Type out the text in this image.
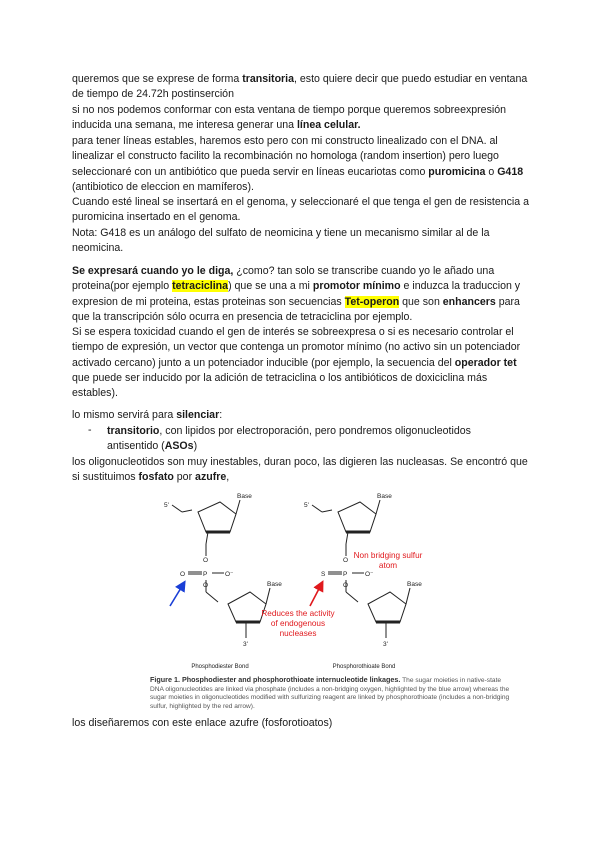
queremos que se exprese de forma transitoria, esto quiere decir que puedo estudiar en ventana de tiempo de 24.72h postinserción

si no nos podemos conformar con esta ventana de tiempo porque queremos sobreexpresión inducida una semana, me interesa generar una línea celular.

para tener líneas estables, haremos esto pero con mi constructo linealizado con el DNA. al linealizar el constructo facilito la recombinación no homologa (random insertion) pero luego seleccionaré con un antibiótico que pueda servir en líneas eucariotas como puromicina o G418 (antibiotico de eleccion en mamíferos).

Cuando esté lineal se insertará en el genoma, y seleccionaré el que tenga el gen de resistencia a puromicina insertado en el genoma.

Nota: G418 es un análogo del sulfato de neomicina y tiene un mecanismo similar al de la neomicina.

Se expresará cuando yo le diga, ¿como? tan solo se transcribe cuando yo le añado una proteina(por ejemplo tetraciclina) que se una a mi promotor mínimo e induzca la traduccion y expresion de mi proteina, estas proteinas son secuencias Tet-operon que son enhancers para que la transcripción sólo ocurra en presencia de tetraciclina por ejemplo.

Si se espera toxicidad cuando el gen de interés se sobreexpresa o si es necesario controlar el tiempo de expresión, un vector que contenga un promotor mínimo (no activo sin un potenciador activado cercano) junto a un potenciador inducible (por ejemplo, la secuencia del operador tet que puede ser inducido por la adición de tetraciclina o los antibióticos de doxiciclina más estables).

lo mismo servirá para silenciar:

- transitorio, con lipidos por electroporación, pero pondremos oligonucleotidos antisentido (ASOs)

los oligonucleotidos son muy inestables, duran poco, las digieren las nucleasas. Se encontró que si sustituimos fosfato por azufre,

5'
Base
O
P
O	O⁻
O	Base
3'
5'
Base
O
P
S	O⁻
O	Base
3'
Non bridging sulfur
atom
Reduces the activity
of endogenous
nucleases
Phosphodiester Bond	Phosphorothioate Bond
Figure 1. Phosphodiester and phosphorothioate internucleotide linkages. The sugar moieties in native-state DNA oligonucleotides are linked via phosphate (includes a non-bridging oxygen, highlighted by the blue arrow) whereas the sugar moieties in oligonucleotides modified with sulfurizing reagent are linked by phosphorothioate (includes a non-bridging sulfur, highlighted by the red arrow).

los diseñaremos con este enlace azufre (fosforotioatos)
